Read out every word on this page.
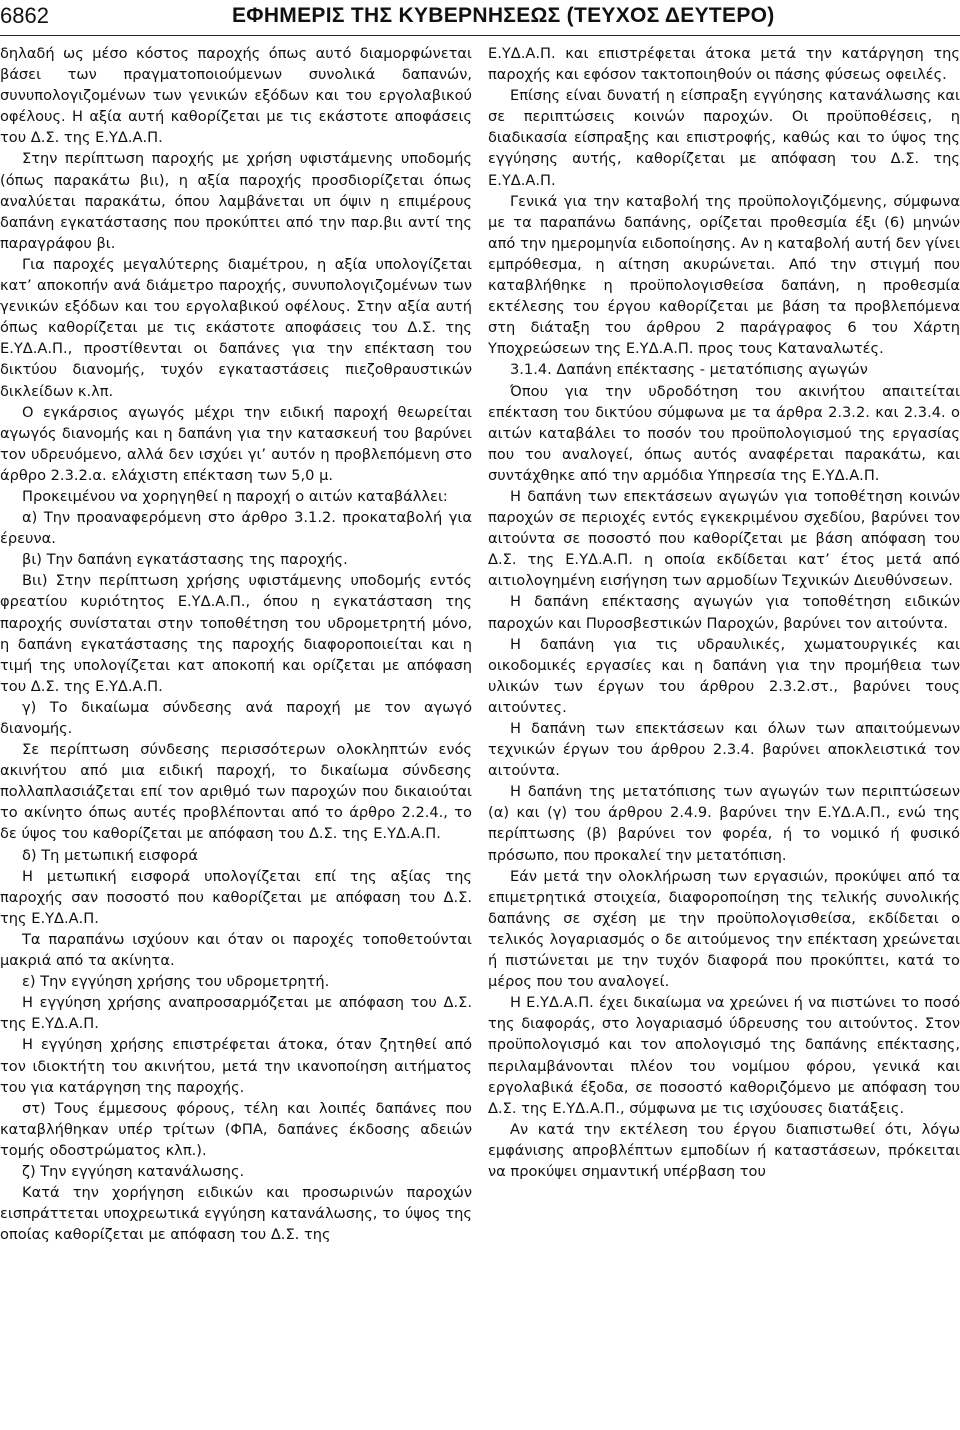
6862	ΕΦΗΜΕΡΙΣ ΤΗΣ ΚΥΒΕΡΝΗΣΕΩΣ (ΤΕΥΧΟΣ ΔΕΥΤΕΡΟ)

δηλαδή ως μέσο κόστος παροχής όπως αυτό διαμορφώνεται βάσει των πραγματοποιούμενων συνολικά δαπανών, συνυπολογιζομένων των γενικών εξόδων και του εργολαβικού οφέλους. Η αξία αυτή καθορίζεται με τις εκάστοτε αποφάσεις του Δ.Σ. της Ε.ΥΔ.Α.Π.

Στην περίπτωση παροχής με χρήση υφιστάμενης υποδομής (όπως παρακάτω βιι), η αξία παροχής προσδιορίζεται όπως αναλύεται παρακάτω, όπου λαμβάνεται υπ όψιν η επιμέρους δαπάνη εγκατάστασης που προκύπτει από την παρ.βιι αντί της παραγράφου βι.

Για παροχές μεγαλύτερης διαμέτρου, η αξία υπολογίζεται κατ’ αποκοπήν ανά διάμετρο παροχής, συνυπολογιζομένων των γενικών εξόδων και του εργολαβικού οφέλους. Στην αξία αυτή όπως καθορίζεται με τις εκάστοτε αποφάσεις του Δ.Σ. της Ε.ΥΔ.Α.Π., προστίθενται οι δαπάνες για την επέκταση του δικτύου διανομής, τυχόν εγκαταστάσεις πιεζοθραυστικών δικλείδων κ.λπ.

Ο εγκάρσιος αγωγός μέχρι την ειδική παροχή θεωρείται αγωγός διανομής και η δαπάνη για την κατασκευή του βαρύνει τον υδρευόμενο, αλλά δεν ισχύει γι’ αυτόν η προβλεπόμενη στο άρθρο 2.3.2.α. ελάχιστη επέκταση των 5,0 μ.

Προκειμένου να χορηγηθεί η παροχή ο αιτών καταβάλλει:

α) Την προαναφερόμενη στο άρθρο 3.1.2. προκαταβολή για έρευνα.

βι) Την δαπάνη εγκατάστασης της παροχής.

Βιι) Στην περίπτωση χρήσης υφιστάμενης υποδομής εντός φρεατίου κυριότητος Ε.ΥΔ.Α.Π., όπου η εγκατάσταση της παροχής συνίσταται στην τοποθέτηση του υδρομετρητή μόνο, η δαπάνη εγκατάστασης της παροχής διαφοροποιείται και η τιμή της υπολογίζεται κατ αποκοπή και ορίζεται με απόφαση του Δ.Σ. της Ε.ΥΔ.Α.Π.

γ) Το δικαίωμα σύνδεσης ανά παροχή με τον αγωγό διανομής.

Σε περίπτωση σύνδεσης περισσότερων ολοκληπτών ενός ακινήτου από μια ειδική παροχή, το δικαίωμα σύνδεσης πολλαπλασιάζεται επί τον αριθμό των παροχών που δικαιούται το ακίνητο όπως αυτές προβλέπονται από το άρθρο 2.2.4., το δε ύψος του καθορίζεται με απόφαση του Δ.Σ. της Ε.ΥΔ.Α.Π.

δ) Τη μετωπική εισφορά

Η μετωπική εισφορά υπολογίζεται επί της αξίας της παροχής σαν ποσοστό που καθορίζεται με απόφαση του Δ.Σ. της Ε.ΥΔ.Α.Π.

Τα παραπάνω ισχύουν και όταν οι παροχές τοποθετούνται μακριά από τα ακίνητα.

ε) Την εγγύηση χρήσης του υδρομετρητή.

Η εγγύηση χρήσης αναπροσαρμόζεται με απόφαση του Δ.Σ. της Ε.ΥΔ.Α.Π.

Η εγγύηση χρήσης επιστρέφεται άτοκα, όταν ζητηθεί από τον ιδιοκτήτη του ακινήτου, μετά την ικανοποίηση αιτήματος του για κατάργηση της παροχής.

στ) Τους έμμεσους φόρους, τέλη και λοιπές δαπάνες που καταβλήθηκαν υπέρ τρίτων (ΦΠΑ, δαπάνες έκδοσης αδειών τομής οδοστρώματος κλπ.).

ζ) Την εγγύηση κατανάλωσης.

Κατά την χορήγηση ειδικών και προσωρινών παροχών εισπράττεται υποχρεωτικά εγγύηση κατανάλωσης, το ύψος της οποίας καθορίζεται με απόφαση του Δ.Σ. της

Ε.ΥΔ.Α.Π. και επιστρέφεται άτοκα μετά την κατάργηση της παροχής και εφόσον τακτοποιηθούν οι πάσης φύσεως οφειλές.

Επίσης είναι δυνατή η είσπραξη εγγύησης κατανάλωσης και σε περιπτώσεις κοινών παροχών. Οι προϋποθέσεις, η διαδικασία είσπραξης και επιστροφής, καθώς και το ύψος της εγγύησης αυτής, καθορίζεται με απόφαση του Δ.Σ. της Ε.ΥΔ.Α.Π.

Γενικά για την καταβολή της προϋπολογιζόμενης, σύμφωνα με τα παραπάνω δαπάνης, ορίζεται προθεσμία έξι (6) μηνών από την ημερομηνία ειδοποίησης. Αν η καταβολή αυτή δεν γίνει εμπρόθεσμα, η αίτηση ακυρώνεται. Από την στιγμή που καταβλήθηκε η προϋπολογισθείσα δαπάνη, η προθεσμία εκτέλεσης του έργου καθορίζεται με βάση τα προβλεπόμενα στη διάταξη του άρθρου 2 παράγραφος 6 του Χάρτη Υποχρεώσεων της Ε.ΥΔ.Α.Π. προς τους Καταναλωτές.

3.1.4. Δαπάνη επέκτασης - μετατόπισης αγωγών

Όπου για την υδροδότηση του ακινήτου απαιτείται επέκταση του δικτύου σύμφωνα με τα άρθρα 2.3.2. και 2.3.4. ο αιτών καταβάλει το ποσόν του προϋπολογισμού της εργασίας που του αναλογεί, όπως αυτός αναφέρεται παρακάτω, και συντάχθηκε από την αρμόδια Υπηρεσία της Ε.ΥΔ.Α.Π.

Η δαπάνη των επεκτάσεων αγωγών για τοποθέτηση κοινών παροχών σε περιοχές εντός εγκεκριμένου σχεδίου, βαρύνει τον αιτούντα σε ποσοστό που καθορίζεται με βάση απόφαση του Δ.Σ. της Ε.ΥΔ.Α.Π. η οποία εκδίδεται κατ’ έτος μετά από αιτιολογημένη εισήγηση των αρμοδίων Τεχνικών Διευθύνσεων.

Η δαπάνη επέκτασης αγωγών για τοποθέτηση ειδικών παροχών και Πυροσβεστικών Παροχών, βαρύνει τον αιτούντα.

Η δαπάνη για τις υδραυλικές, χωματουργικές και οικοδομικές εργασίες και η δαπάνη για την προμήθεια των υλικών των έργων του άρθρου 2.3.2.στ., βαρύνει τους αιτούντες.

Η δαπάνη των επεκτάσεων και όλων των απαιτούμενων τεχνικών έργων του άρθρου 2.3.4. βαρύνει αποκλειστικά τον αιτούντα.

Η δαπάνη της μετατόπισης των αγωγών των περιπτώσεων (α) και (γ) του άρθρου 2.4.9. βαρύνει την Ε.ΥΔ.Α.Π., ενώ της περίπτωσης (β) βαρύνει τον φορέα, ή το νομικό ή φυσικό πρόσωπο, που προκαλεί την μετατόπιση.

Εάν μετά την ολοκλήρωση των εργασιών, προκύψει από τα επιμετρητικά στοιχεία, διαφοροποίηση της τελικής συνολικής δαπάνης σε σχέση με την προϋπολογισθείσα, εκδίδεται ο τελικός λογαριασμός ο δε αιτούμενος την επέκταση χρεώνεται ή πιστώνεται με την τυχόν διαφορά που προκύπτει, κατά το μέρος που του αναλογεί.

Η Ε.ΥΔ.Α.Π. έχει δικαίωμα να χρεώνει ή να πιστώνει το ποσό της διαφοράς, στο λογαριασμό ύδρευσης του αιτούντος. Στον προϋπολογισμό και τον απολογισμό της δαπάνης επέκτασης, περιλαμβάνονται πλέον του νομίμου φόρου, γενικά και εργολαβικά έξοδα, σε ποσοστό καθοριζόμενο με απόφαση του Δ.Σ. της Ε.ΥΔ.Α.Π., σύμφωνα με τις ισχύουσες διατάξεις.

Αν κατά την εκτέλεση του έργου διαπιστωθεί ότι, λόγω εμφάνισης απροβλέπτων εμποδίων ή καταστάσεων, πρόκειται να προκύψει σημαντική υπέρβαση του
